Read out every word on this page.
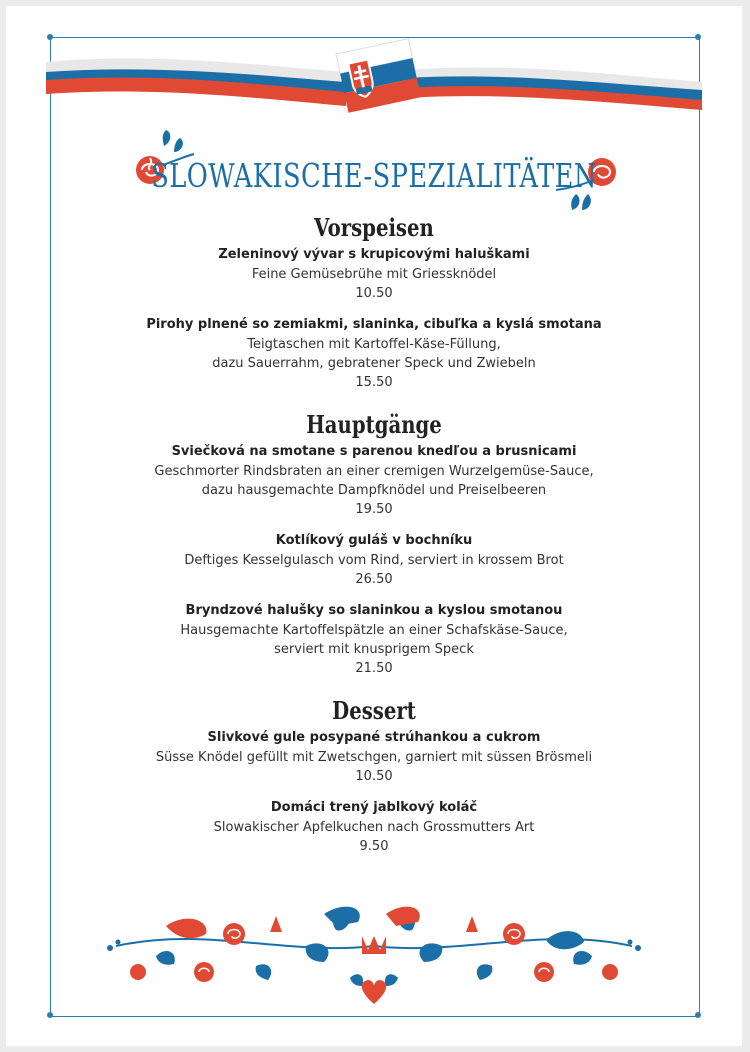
SLOWAKISCHE-SPEZIALITÄTEN
Vorspeisen
Zeleninový vývar s krupicovými haluškami
Feine Gemüsebrühe mit Griessknödel
10.50
Pirohy plnené so zemiakmi, slaninka, cibuľka a kyslá smotana
Teigtaschen mit Kartoffel-Käse-Füllung,
dazu Sauerrahm, gebratener Speck und Zwiebeln
15.50
Hauptgänge
Sviečková na smotane s parenou knedľou a brusnicami
Geschmorter Rindsbraten an einer cremigen Wurzelgemüse-Sauce,
dazu hausgemachte Dampfknödel und Preiselbeeren
19.50
Kotlíkový guláš v bochníku
Deftiges Kesselgulasch vom Rind, serviert in krossem Brot
26.50
Bryndzové halušky so slaninkou a kyslou smotanou
Hausgemachte Kartoffelspätzle an einer Schafskäse-Sauce,
serviert mit knusprigem Speck
21.50
Dessert
Slivkové gule posypané strúhankou a cukrom
Süsse Knödel gefüllt mit Zwetschgen, garniert mit süssen Brösmeli
10.50
Domáci trený jablkový koláč
Slowakischer Apfelkuchen nach Grossmutters Art
9.50
